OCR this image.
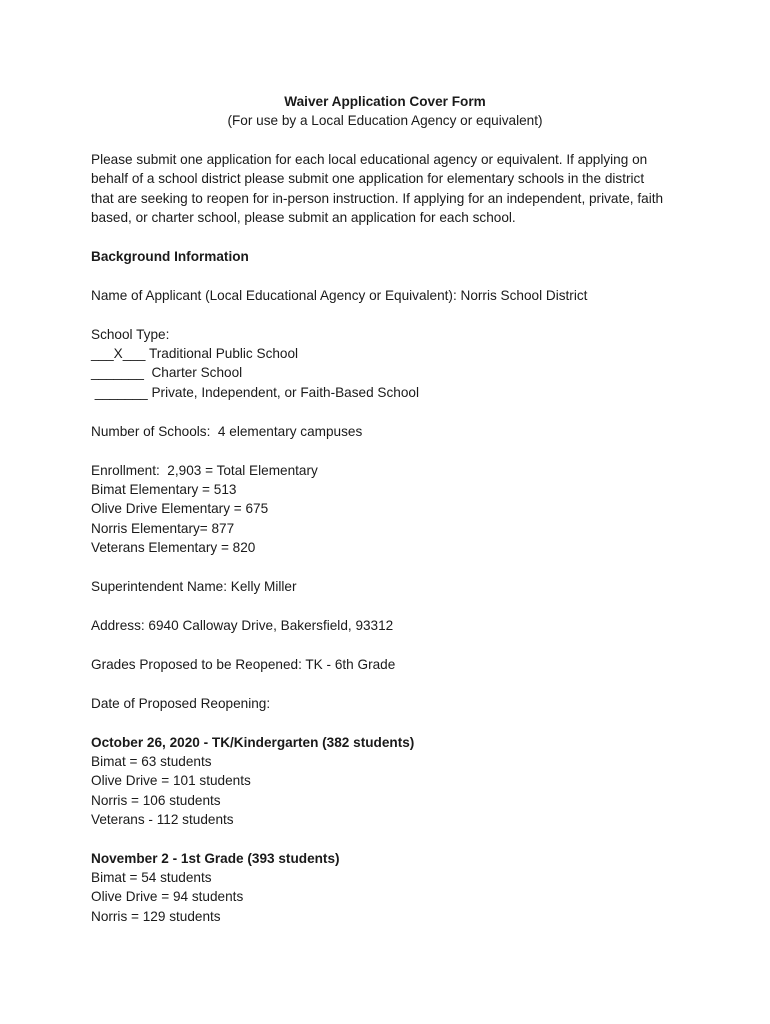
Waiver Application Cover Form
(For use by a Local Education Agency or equivalent)
Please submit one application for each local educational agency or equivalent. If applying on
behalf of a school district please submit one application for elementary schools in the district
that are seeking to reopen for in-person instruction. If applying for an independent, private, faith
based, or charter school, please submit an application for each school.
Background Information
Name of Applicant (Local Educational Agency or Equivalent): Norris School District
School Type:
___X___ Traditional Public School
_______  Charter School
_______ Private, Independent, or Faith-Based School
Number of Schools:  4 elementary campuses
Enrollment:  2,903 = Total Elementary
Bimat Elementary = 513
Olive Drive Elementary = 675
Norris Elementary= 877
Veterans Elementary = 820
Superintendent Name: Kelly Miller
Address: 6940 Calloway Drive, Bakersfield, 93312
Grades Proposed to be Reopened: TK - 6th Grade
Date of Proposed Reopening:
October 26, 2020 - TK/Kindergarten (382 students)
Bimat = 63 students
Olive Drive = 101 students
Norris = 106 students
Veterans - 112 students
November 2 - 1st Grade (393 students)
Bimat = 54 students
Olive Drive = 94 students
Norris = 129 students
